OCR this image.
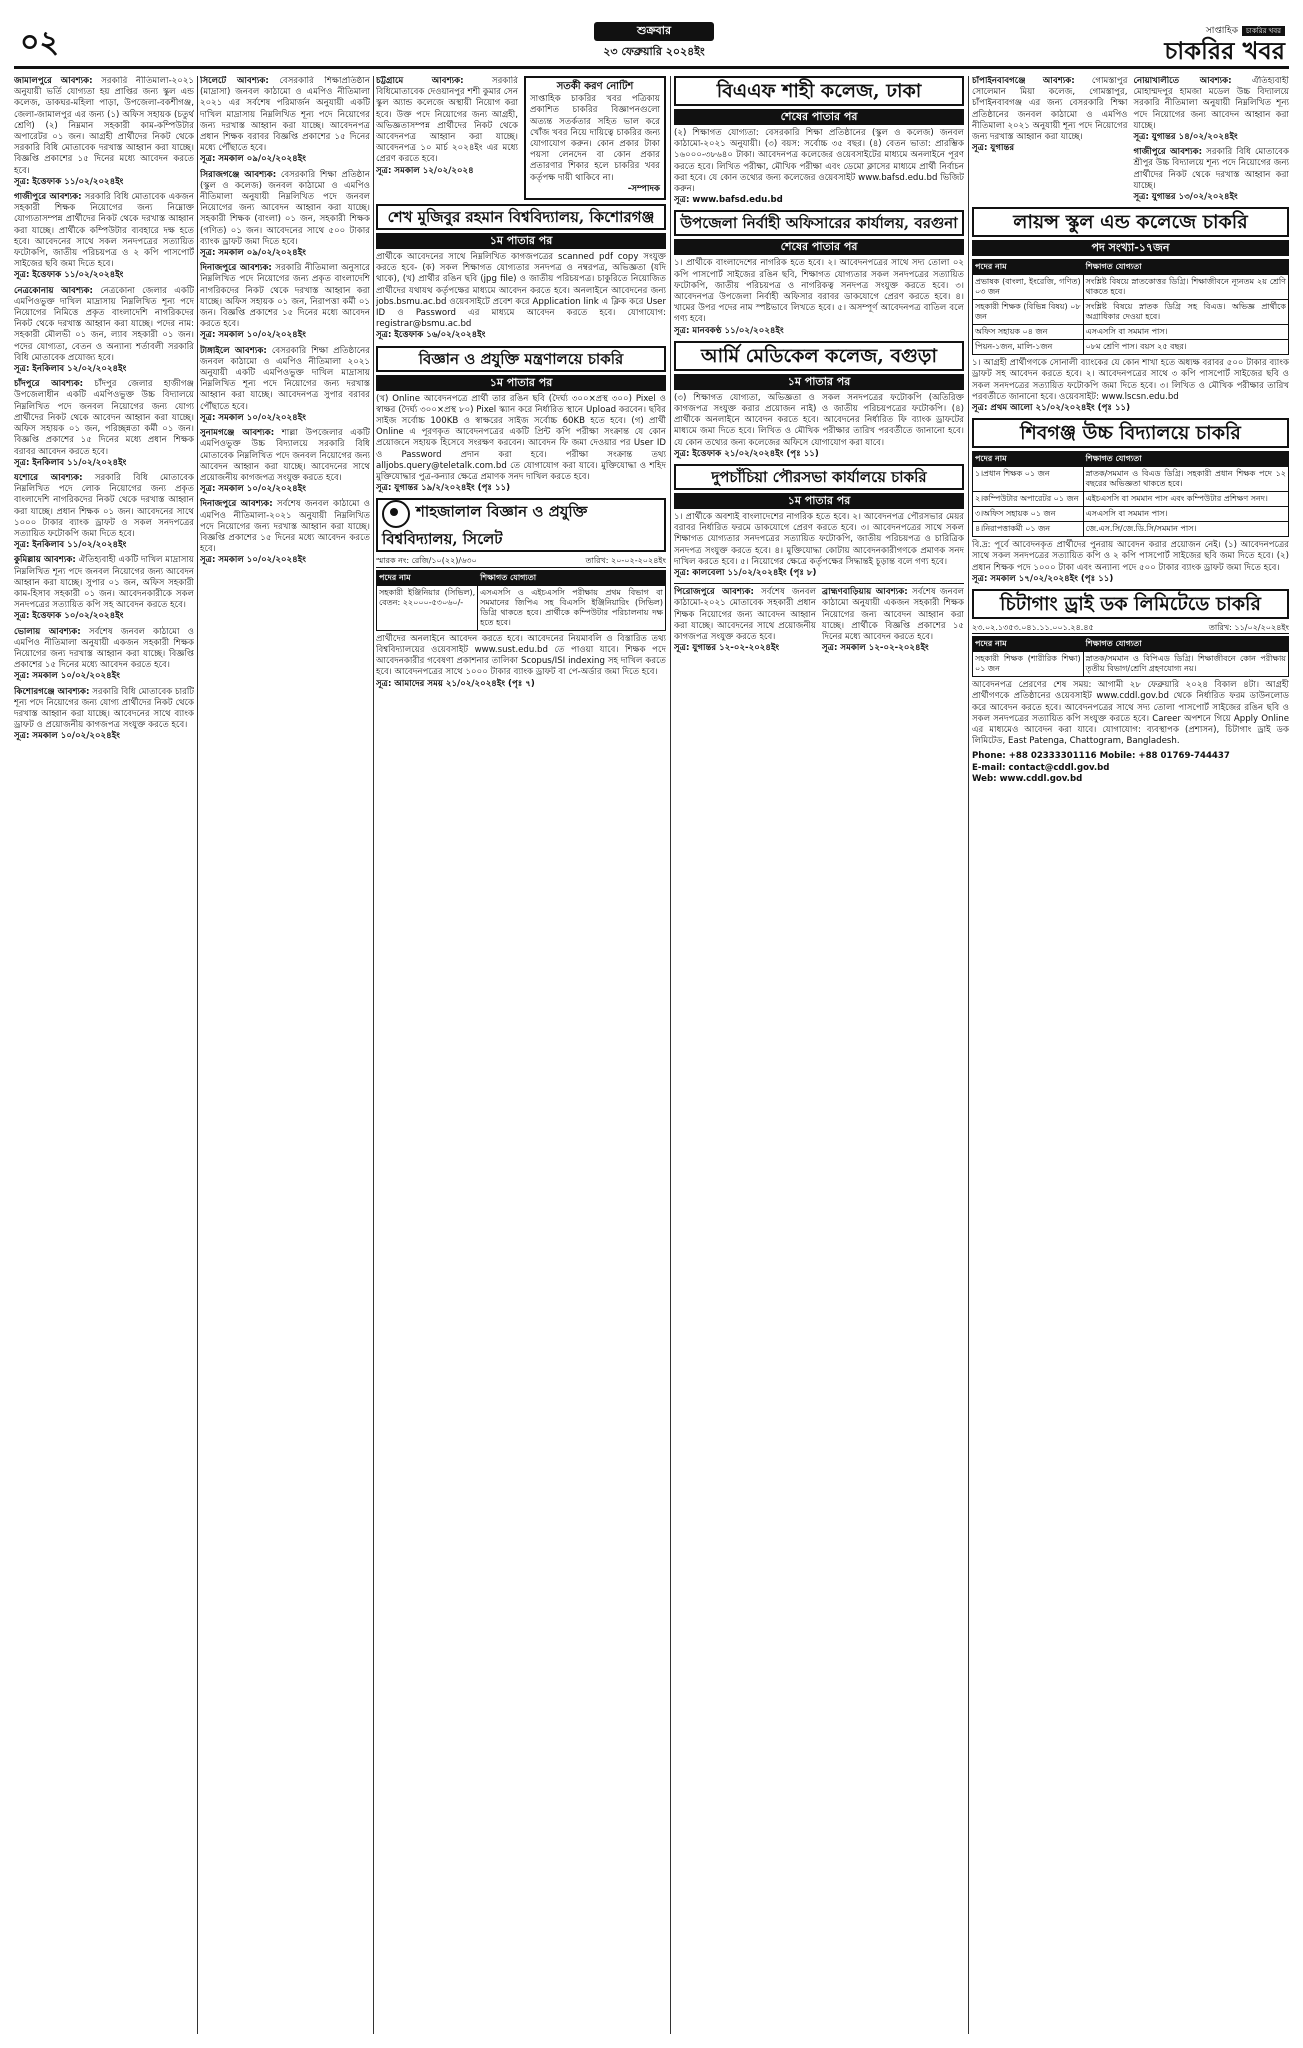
০২	শুক্রবার
২৩ ফেব্রুয়ারি ২০২৪ইং
সাপ্তাহিক চাকরির খবর
চাকরির খবর

জামালপুরে আবশ্যক: সরকারি নীতিমালা-২০২১ অনুযায়ী ভর্তি যোগ্যতা হয় প্রাপ্তির জন্য স্কুল এন্ড কলেজ, ডাকঘর-মহিলা পাড়া, উপজেলা-বকশীগঞ্জ, জেলা-জামালপুর এর জন্য (১) অফিস সহায়ক (চতুর্থ শ্রেণি) (২) নিম্নমান সহকারী কাম-কম্পিউটার অপারেটর ০১ জন। আগ্রহী প্রার্থীদের নিকট থেকে সরকারি বিধি মোতাবেক দরখাস্ত আহ্বান করা যাচ্ছে। বিজ্ঞপ্তি প্রকাশের ১৫ দিনের মধ্যে আবেদন করতে হবে।
সূত্র: ইত্তেফাক ১১/০২/২০২৪ইং

গাজীপুরে আবশ্যক: সরকারি বিধি মোতাবেক একজন সহকারী শিক্ষক নিয়োগের জন্য নিম্নোক্ত যোগ্যতাসম্পন্ন প্রার্থীদের নিকট থেকে দরখাস্ত আহ্বান করা যাচ্ছে। প্রার্থীকে কম্পিউটার ব্যবহারে দক্ষ হতে হবে। আবেদনের সাথে সকল সনদপত্রের সত্যায়িত ফটোকপি, জাতীয় পরিচয়পত্র ও ২ কপি পাসপোর্ট সাইজের ছবি জমা দিতে হবে।
সূত্র: ইত্তেফাক ১১/০২/২০২৪ইং

নেত্রকোনায় আবশ্যক: নেত্রকোনা জেলার একটি এমপিওভুক্ত দাখিল মাদ্রাসায় নিম্নলিখিত শূন্য পদে নিয়োগের নিমিত্তে প্রকৃত বাংলাদেশি নাগরিকদের নিকট থেকে দরখাস্ত আহ্বান করা যাচ্ছে। পদের নাম: সহকারী মৌলভী ০১ জন, ল্যাব সহকারী ০১ জন। পদের যোগ্যতা, বেতন ও অন্যান্য শর্তাবলী সরকারি বিধি মোতাবেক প্রযোজ্য হবে।
সূত্র: ইনকিলাব ১২/০২/২০২৪ইং

চাঁদপুরে আবশ্যক: চাঁদপুর জেলার হাজীগঞ্জ উপজেলাধীন একটি এমপিওভুক্ত উচ্চ বিদ্যালয়ে নিম্নলিখিত পদে জনবল নিয়োগের জন্য যোগ্য প্রার্থীদের নিকট থেকে আবেদন আহ্বান করা যাচ্ছে। অফিস সহায়ক ০১ জন, পরিচ্ছন্নতা কর্মী ০১ জন। বিজ্ঞপ্তি প্রকাশের ১৫ দিনের মধ্যে প্রধান শিক্ষক বরাবর আবেদন করতে হবে।
সূত্র: ইনকিলাব ১১/০২/২০২৪ইং

যশোরে আবশ্যক: সরকারি বিধি মোতাবেক নিম্নলিখিত পদে লোক নিয়োগের জন্য প্রকৃত বাংলাদেশি নাগরিকদের নিকট থেকে দরখাস্ত আহ্বান করা যাচ্ছে। প্রধান শিক্ষক ০১ জন। আবেদনের সাথে ১০০০ টাকার ব্যাংক ড্রাফট ও সকল সনদপত্রের সত্যায়িত ফটোকপি জমা দিতে হবে।
সূত্র: ইনকিলাব ১১/০২/২০২৪ইং

কুমিল্লায় আবশ্যক: ঐতিহ্যবাহী একটি দাখিল মাদ্রাসায় নিম্নলিখিত শূন্য পদে জনবল নিয়োগের জন্য আবেদন আহ্বান করা যাচ্ছে। সুপার ০১ জন, অফিস সহকারী কাম-হিসাব সহকারী ০১ জন। আবেদনকারীকে সকল সনদপত্রের সত্যায়িত কপি সহ আবেদন করতে হবে।
সূত্র: ইত্তেফাক ১০/০২/২০২৪ইং

ভোলায় আবশ্যক: সর্বশেষ জনবল কাঠামো ও এমপিও নীতিমালা অনুযায়ী একজন সহকারী শিক্ষক নিয়োগের জন্য দরখাস্ত আহ্বান করা যাচ্ছে। বিজ্ঞপ্তি প্রকাশের ১৫ দিনের মধ্যে আবেদন করতে হবে।
সূত্র: সমকাল ১০/০২/২০২৪ইং

কিশোরগঞ্জে আবশ্যক: সরকারি বিধি মোতাবেক চারটি শূন্য পদে নিয়োগের জন্য যোগ্য প্রার্থীদের নিকট থেকে দরখাস্ত আহ্বান করা যাচ্ছে। আবেদনের সাথে ব্যাংক ড্রাফট ও প্রয়োজনীয় কাগজপত্র সংযুক্ত করতে হবে।
সূত্র: সমকাল ১০/০২/২০২৪ইং

সিলেটে আবশ্যক: বেসরকারি শিক্ষাপ্রতিষ্ঠান (মাদ্রাসা) জনবল কাঠামো ও এমপিও নীতিমালা ২০২১ এর সর্বশেষ পরিমার্জন অনুযায়ী একটি দাখিল মাদ্রাসায় নিম্নলিখিত শূন্য পদে নিয়োগের জন্য দরখাস্ত আহ্বান করা যাচ্ছে। আবেদনপত্র প্রধান শিক্ষক বরাবর বিজ্ঞপ্তি প্রকাশের ১৫ দিনের মধ্যে পৌঁছাতে হবে।
সূত্র: সমকাল ০৯/০২/২০২৪ইং

সিরাজগঞ্জে আবশ্যক: বেসরকারি শিক্ষা প্রতিষ্ঠান (স্কুল ও কলেজ) জনবল কাঠামো ও এমপিও নীতিমালা অনুযায়ী নিম্নলিখিত পদে জনবল নিয়োগের জন্য আবেদন আহ্বান করা যাচ্ছে। সহকারী শিক্ষক (বাংলা) ০১ জন, সহকারী শিক্ষক (গণিত) ০১ জন। আবেদনের সাথে ৫০০ টাকার ব্যাংক ড্রাফট জমা দিতে হবে।
সূত্র: সমকাল ০৯/০২/২০২৪ইং

দিনাজপুরে আবশ্যক: সরকারি নীতিমালা অনুসারে নিম্নলিখিত পদে নিয়োগের জন্য প্রকৃত বাংলাদেশি নাগরিকদের নিকট থেকে দরখাস্ত আহ্বান করা যাচ্ছে। অফিস সহায়ক ০১ জন, নিরাপত্তা কর্মী ০১ জন। বিজ্ঞপ্তি প্রকাশের ১৫ দিনের মধ্যে আবেদন করতে হবে।
সূত্র: সমকাল ১০/০২/২০২৪ইং

টাঙ্গাইলে আবশ্যক: বেসরকারি শিক্ষা প্রতিষ্ঠানের জনবল কাঠামো ও এমপিও নীতিমালা ২০২১ অনুযায়ী একটি এমপিওভুক্ত দাখিল মাদ্রাসায় নিম্নলিখিত শূন্য পদে নিয়োগের জন্য দরখাস্ত আহ্বান করা যাচ্ছে। আবেদনপত্র সুপার বরাবর পৌঁছাতে হবে।
সূত্র: সমকাল ১০/০২/২০২৪ইং

সুনামগঞ্জে আবশ্যক: শাল্লা উপজেলার একটি এমপিওভুক্ত উচ্চ বিদ্যালয়ে সরকারি বিধি মোতাবেক নিম্নলিখিত পদে জনবল নিয়োগের জন্য আবেদন আহ্বান করা যাচ্ছে। আবেদনের সাথে প্রয়োজনীয় কাগজপত্র সংযুক্ত করতে হবে।
সূত্র: সমকাল ১০/০২/২০২৪ইং

দিনাজপুরে আবশ্যক: সর্বশেষ জনবল কাঠামো ও এমপিও নীতিমালা-২০২১ অনুযায়ী নিম্নলিখিত পদে নিয়োগের জন্য দরখাস্ত আহ্বান করা যাচ্ছে। বিজ্ঞপ্তি প্রকাশের ১৫ দিনের মধ্যে আবেদন করতে হবে।
সূত্র: সমকাল ১০/০২/২০২৪ইং

চট্টগ্রামে আবশ্যক:	সরকারি বিধিমোতাবেক দেওয়ানপুর শশী কুমার সেন স্কুল অ্যান্ড কলেজে অস্থায়ী নিয়োগ করা হবে। উক্ত পদে নিয়োগের জন্য আগ্রহী, অভিজ্ঞতাসম্পন্ন প্রার্থীদের নিকট থেকে আবেদনপত্র আহ্বান করা যাচ্ছে। আবেদনপত্র ১০ মার্চ ২০২৪ইং এর মধ্যে প্রেরণ করতে হবে।
সূত্র: সমকাল ১২/০২/২০২৪

সতর্কী করণ নোটিশ
সাপ্তাহিক চাকরির খবর পত্রিকায় প্রকাশিত চাকরির বিজ্ঞাপনগুলো অত্যন্ত সতর্কতার সহিত ভাল করে খোঁজ খবর নিয়ে দায়িত্বে চাকরির জন্য যোগাযোগ করুন। কোন প্রকার টাকা পয়সা লেনদেন বা কোন প্রকার প্রতারণার শিকার হলে চাকরির খবর কর্তৃপক্ষ দায়ী থাকিবে না।
-সম্পাদক
শেখ মুজিবুর রহমান বিশ্ববিদ্যালয়, কিশোরগঞ্জ
১ম পাতার পর

প্রার্থীকে আবেদনের সাথে নিম্নলিখিত কাগজপত্রের scanned pdf copy সংযুক্ত করতে হবে- (ক) সকল শিক্ষাগত যোগ্যতার সনদপত্র ও নম্বরপত্র, অভিজ্ঞতা (যদি থাকে), (খ) প্রার্থীর রঙিন ছবি (jpg file) ও জাতীয় পরিচয়পত্র। চাকুরিতে নিয়োজিত প্রার্থীদের যথাযথ কর্তৃপক্ষের মাধ্যমে আবেদন করতে হবে। অনলাইনে আবেদনের জন্য jobs.bsmu.ac.bd ওয়েবসাইটে প্রবেশ করে Application link এ ক্লিক করে User ID ও Password এর মাধ্যমে আবেদন করতে হবে। যোগাযোগ: registrar@bsmu.ac.bd
সূত্র: ইত্তেফাক ১৬/০২/২০২৪ইং

বিজ্ঞান ও প্রযুক্তি মন্ত্রণালয়ে চাকরি
১ম পাতার পর

(খ) Online আবেদনপত্রে প্রার্থী তার রঙিন ছবি (দৈর্ঘ্য ৩০০×প্রস্থ ৩০০) Pixel ও স্বাক্ষর (দৈর্ঘ্য ৩০০×প্রস্থ ৮০) Pixel স্ক্যান করে নির্ধারিত স্থানে Upload করবেন। ছবির সাইজ সর্বোচ্চ 100KB ও স্বাক্ষরের সাইজ সর্বোচ্চ 60KB হতে হবে। (গ) প্রার্থী Online এ পূরণকৃত আবেদনপত্রের একটি প্রিন্ট কপি পরীক্ষা সংক্রান্ত যে কোন প্রয়োজনে সহায়ক হিসেবে সংরক্ষণ করবেন। আবেদন ফি জমা দেওয়ার পর User ID ও Password প্রদান করা হবে। পরীক্ষা সংক্রান্ত তথ্য alljobs.query@teletalk.com.bd তে যোগাযোগ করা যাবে। মুক্তিযোদ্ধা ও শহিদ মুক্তিযোদ্ধার পুত্র-কন্যার ক্ষেত্রে প্রমাণক সনদ দাখিল করতে হবে।
সূত্র: যুগান্তর ১৯/২/২০২৪ইং (পৃঃ ১১)

শাহজালাল বিজ্ঞান ও প্রযুক্তি বিশ্ববিদ্যালয়, সিলেট
স্মারক নং: রেজি/১০(২২)/৬৩০	তারিখ: ২০-০২-২০২৪ইং
পদের নাম	শিক্ষাগত যোগ্যতা
সহকারী ইঞ্জিনিয়ার (সিভিল), বেতন: ২২০০০-৫৩০৬০/-	এসএসসি ও এইচএসসি পরীক্ষায় প্রথম বিভাগ বা সমমানের জিপিএ সহ বিএসসি ইঞ্জিনিয়ারিং (সিভিল) ডিগ্রি থাকতে হবে। প্রার্থীকে কম্পিউটার পরিচালনায় দক্ষ হতে হবে।

প্রার্থীদের অনলাইনে আবেদন করতে হবে। আবেদনের নিয়মাবলি ও বিস্তারিত তথ্য বিশ্ববিদ্যালয়ের ওয়েবসাইট www.sust.edu.bd তে পাওয়া যাবে। শিক্ষক পদে আবেদনকারীর গবেষণা প্রকাশনার তালিকা Scopus/ISI indexing সহ দাখিল করতে হবে। আবেদনপত্রের সাথে ১০০০ টাকার ব্যাংক ড্রাফট বা পে-অর্ডার জমা দিতে হবে।
সূত্র: আমাদের সময় ২১/০২/২০২৪ইং (পৃঃ ৭)

বিএএফ শাহী কলেজ, ঢাকা
শেষের পাতার পর

(২) শিক্ষাগত যোগ্যতা: বেসরকারি শিক্ষা প্রতিষ্ঠানের (স্কুল ও কলেজ) জনবল কাঠামো-২০২১ অনুযায়ী। (৩) বয়স: সর্বোচ্চ ৩৫ বছর। (৪) বেতন ভাতা: প্রারম্ভিক ১৬০০০-৩৮৬৪০ টাকা। আবেদনপত্র কলেজের ওয়েবসাইটের মাধ্যমে অনলাইনে পূরণ করতে হবে। লিখিত পরীক্ষা, মৌখিক পরীক্ষা এবং ডেমো ক্লাসের মাধ্যমে প্রার্থী নির্বাচন করা হবে। যে কোন তথ্যের জন্য কলেজের ওয়েবসাইট www.bafsd.edu.bd ভিজিট করুন।
সূত্র: www.bafsd.edu.bd

উপজেলা নির্বাহী অফিসারের কার্যালয়, বরগুনা
শেষের পাতার পর

১। প্রার্থীকে বাংলাদেশের নাগরিক হতে হবে। ২। আবেদনপত্রের সাথে সদ্য তোলা ০২ কপি পাসপোর্ট সাইজের রঙিন ছবি, শিক্ষাগত যোগ্যতার সকল সনদপত্রের সত্যায়িত ফটোকপি, জাতীয় পরিচয়পত্র ও নাগরিকত্ব সনদপত্র সংযুক্ত করতে হবে। ৩। আবেদনপত্র উপজেলা নির্বাহী অফিসার বরাবর ডাকযোগে প্রেরণ করতে হবে। ৪। খামের উপর পদের নাম স্পষ্টভাবে লিখতে হবে। ৫। অসম্পূর্ণ আবেদনপত্র বাতিল বলে গণ্য হবে।
সূত্র: মানবকণ্ঠ ১১/০২/২০২৪ইং

আর্মি মেডিকেল কলেজ, বগুড়া
১ম পাতার পর

(৩) শিক্ষাগত যোগ্যতা, অভিজ্ঞতা ও সকল সনদপত্রের ফটোকপি (অতিরিক্ত কাগজপত্র সংযুক্ত করার প্রয়োজন নাই) ও জাতীয় পরিচয়পত্রের ফটোকপি। (৪) প্রার্থীকে অনলাইনে আবেদন করতে হবে। আবেদনের নির্ধারিত ফি ব্যাংক ড্রাফটের মাধ্যমে জমা দিতে হবে। লিখিত ও মৌখিক পরীক্ষার তারিখ পরবর্তীতে জানানো হবে। যে কোন তথ্যের জন্য কলেজের অফিসে যোগাযোগ করা যাবে।
সূত্র: ইত্তেফাক ২১/০২/২০২৪ইং (পৃঃ ১১)

দুপচাঁচিয়া পৌরসভা কার্যালয়ে চাকরি
১ম পাতার পর

১। প্রার্থীকে অবশ্যই বাংলাদেশের নাগরিক হতে হবে। ২। আবেদনপত্র পৌরসভার মেয়র বরাবর নির্ধারিত ফরমে ডাকযোগে প্রেরণ করতে হবে। ৩। আবেদনপত্রের সাথে সকল শিক্ষাগত যোগ্যতার সনদপত্রের সত্যায়িত ফটোকপি, জাতীয় পরিচয়পত্র ও চারিত্রিক সনদপত্র সংযুক্ত করতে হবে। ৪। মুক্তিযোদ্ধা কোটায় আবেদনকারীগণকে প্রমাণক সনদ দাখিল করতে হবে। ৫। নিয়োগের ক্ষেত্রে কর্তৃপক্ষের সিদ্ধান্তই চূড়ান্ত বলে গণ্য হবে।
সূত্র: কালবেলা ১১/০২/২০২৪ইং (পৃঃ ৮)

পিরোজপুরে আবশ্যক: সর্বশেষ জনবল কাঠামো-২০২১ মোতাবেক সহকারী প্রধান শিক্ষক নিয়োগের জন্য আবেদন আহ্বান করা যাচ্ছে। আবেদনের সাথে প্রয়োজনীয় কাগজপত্র সংযুক্ত করতে হবে।
সূত্র: যুগান্তর ১২-০২-২০২৪ইং

ব্রাহ্মণবাড়িয়ায় আবশ্যক: সর্বশেষ জনবল কাঠামো অনুযায়ী একজন সহকারী শিক্ষক নিয়োগের জন্য আবেদন আহ্বান করা যাচ্ছে। প্রার্থীকে বিজ্ঞপ্তি প্রকাশের ১৫ দিনের মধ্যে আবেদন করতে হবে।
সূত্র: সমকাল ১২-০২-২০২৪ইং

চাঁপাইনবাবগঞ্জে আবশ্যক: গোমস্তাপুর সোলেমান মিয়া কলেজ, গোমস্তাপুর, চাঁপাইনবাবগঞ্জ এর জন্য বেসরকারি শিক্ষা প্রতিষ্ঠানের জনবল কাঠামো ও এমপিও নীতিমালা ২০২১ অনুযায়ী শূন্য পদে নিয়োগের জন্য দরখাস্ত আহ্বান করা যাচ্ছে।
সূত্র: যুগান্তর

নোয়াখালীতে আবশ্যক: ঐতিহ্যবাহী মোহাম্মদপুর হামজা মডেল উচ্চ বিদ্যালয়ে সরকারি নীতিমালা অনুযায়ী নিম্নলিখিত শূন্য পদে নিয়োগের জন্য আবেদন আহ্বান করা যাচ্ছে।
সূত্র: যুগান্তর ১৪/০২/২০২৪ইং

গাজীপুরে আবশ্যক: সরকারি বিধি মোতাবেক শ্রীপুর উচ্চ বিদ্যালয়ে শূন্য পদে নিয়োগের জন্য প্রার্থীদের নিকট থেকে দরখাস্ত আহ্বান করা যাচ্ছে।
সূত্র: যুগান্তর ১৩/০২/২০২৪ইং

লায়ন্স স্কুল এন্ড কলেজে চাকরি
পদ সংখ্যা-১৭জন
পদের নাম	শিক্ষাগত যোগ্যতা
প্রভাষক (বাংলা, ইংরেজি, গণিত) ০৩ জন	সংশ্লিষ্ট বিষয়ে স্নাতকোত্তর ডিগ্রি। শিক্ষাজীবনে ন্যূনতম ২য় শ্রেণি থাকতে হবে।
সহকারী শিক্ষক (বিভিন্ন বিষয়) ০৮ জন	সংশ্লিষ্ট বিষয়ে স্নাতক ডিগ্রি সহ বিএড। অভিজ্ঞ প্রার্থীকে অগ্রাধিকার দেওয়া হবে।
অফিস সহায়ক ০৪ জন	এসএসসি বা সমমান পাস।
পিয়ন-১জন, মালি-১জন	০৮ম শ্রেণি পাস। বয়স ২৫ বছর।

১। আগ্রহী প্রার্থীগণকে সোনালী ব্যাংকের যে কোন শাখা হতে অধ্যক্ষ বরাবর ৫০০ টাকার ব্যাংক ড্রাফট সহ আবেদন করতে হবে। ২। আবেদনপত্রের সাথে ৩ কপি পাসপোর্ট সাইজের ছবি ও সকল সনদপত্রের সত্যায়িত ফটোকপি জমা দিতে হবে। ৩। লিখিত ও মৌখিক পরীক্ষার তারিখ পরবর্তীতে জানানো হবে। ওয়েবসাইট: www.lscsn.edu.bd
সূত্র: প্রথম আলো ২১/০২/২০২৪ইং (পৃঃ ১১)

শিবগঞ্জ উচ্চ বিদ্যালয়ে চাকরি
পদের নাম	শিক্ষাগত যোগ্যতা
১।প্রধান শিক্ষক ০১ জন	স্নাতক/সমমান ও বিএড ডিগ্রি। সহকারী প্রধান শিক্ষক পদে ১২ বছরের অভিজ্ঞতা থাকতে হবে।
২।কম্পিউটার অপারেটর ০১ জন	এইচএসসি বা সমমান পাস এবং কম্পিউটার প্রশিক্ষণ সনদ।
৩।অফিস সহায়ক ০১ জন	এসএসসি বা সমমান পাস।
৪।নিরাপত্তাকর্মী ০১ জন	জে.এস.সি/জে.ডি.সি/সমমান পাস।

বি.দ্র: পূর্বে আবেদনকৃত প্রার্থীদের পুনরায় আবেদন করার প্রয়োজন নেই। (১) আবেদনপত্রের সাথে সকল সনদপত্রের সত্যায়িত কপি ও ২ কপি পাসপোর্ট সাইজের ছবি জমা দিতে হবে। (২) প্রধান শিক্ষক পদে ১০০০ টাকা এবং অন্যান্য পদে ৫০০ টাকার ব্যাংক ড্রাফট জমা দিতে হবে।
সূত্র: সমকাল ১৭/০২/২০২৪ইং (পৃঃ ১১)

চিটাগাং ড্রাই ডক লিমিটেডে চাকরি
২৩.০২.১৩৫৩.০৪১.১১.০০১.২৪.৪৫	তারিখ: ১১/০২/২০২৪ইং
পদের নাম	শিক্ষাগত যোগ্যতা
সহকারী শিক্ষক (শারীরিক শিক্ষা) ০১ জন	স্নাতক/সমমান ও বিপিএড ডিগ্রি। শিক্ষাজীবনে কোন পরীক্ষায় তৃতীয় বিভাগ/শ্রেণি গ্রহণযোগ্য নয়।

আবেদনপত্র প্রেরণের শেষ সময়: আগামী ২৮ ফেব্রুয়ারি ২০২৪ বিকাল ৪টা। আগ্রহী প্রার্থীগণকে প্রতিষ্ঠানের ওয়েবসাইট www.cddl.gov.bd থেকে নির্ধারিত ফরম ডাউনলোড করে আবেদন করতে হবে। আবেদনপত্রের সাথে সদ্য তোলা পাসপোর্ট সাইজের রঙিন ছবি ও সকল সনদপত্রের সত্যায়িত কপি সংযুক্ত করতে হবে। Career অপশনে গিয়ে Apply Online এর মাধ্যমেও আবেদন করা যাবে। যোগাযোগ: ব্যবস্থাপক (প্রশাসন), চিটাগাং ড্রাই ডক লিমিটেড, East Patenga, Chattogram, Bangladesh.

Phone: +88 02333301116 Mobile: +88 01769-744437
E-mail: contact@cddl.gov.bd
Web: www.cddl.gov.bd
